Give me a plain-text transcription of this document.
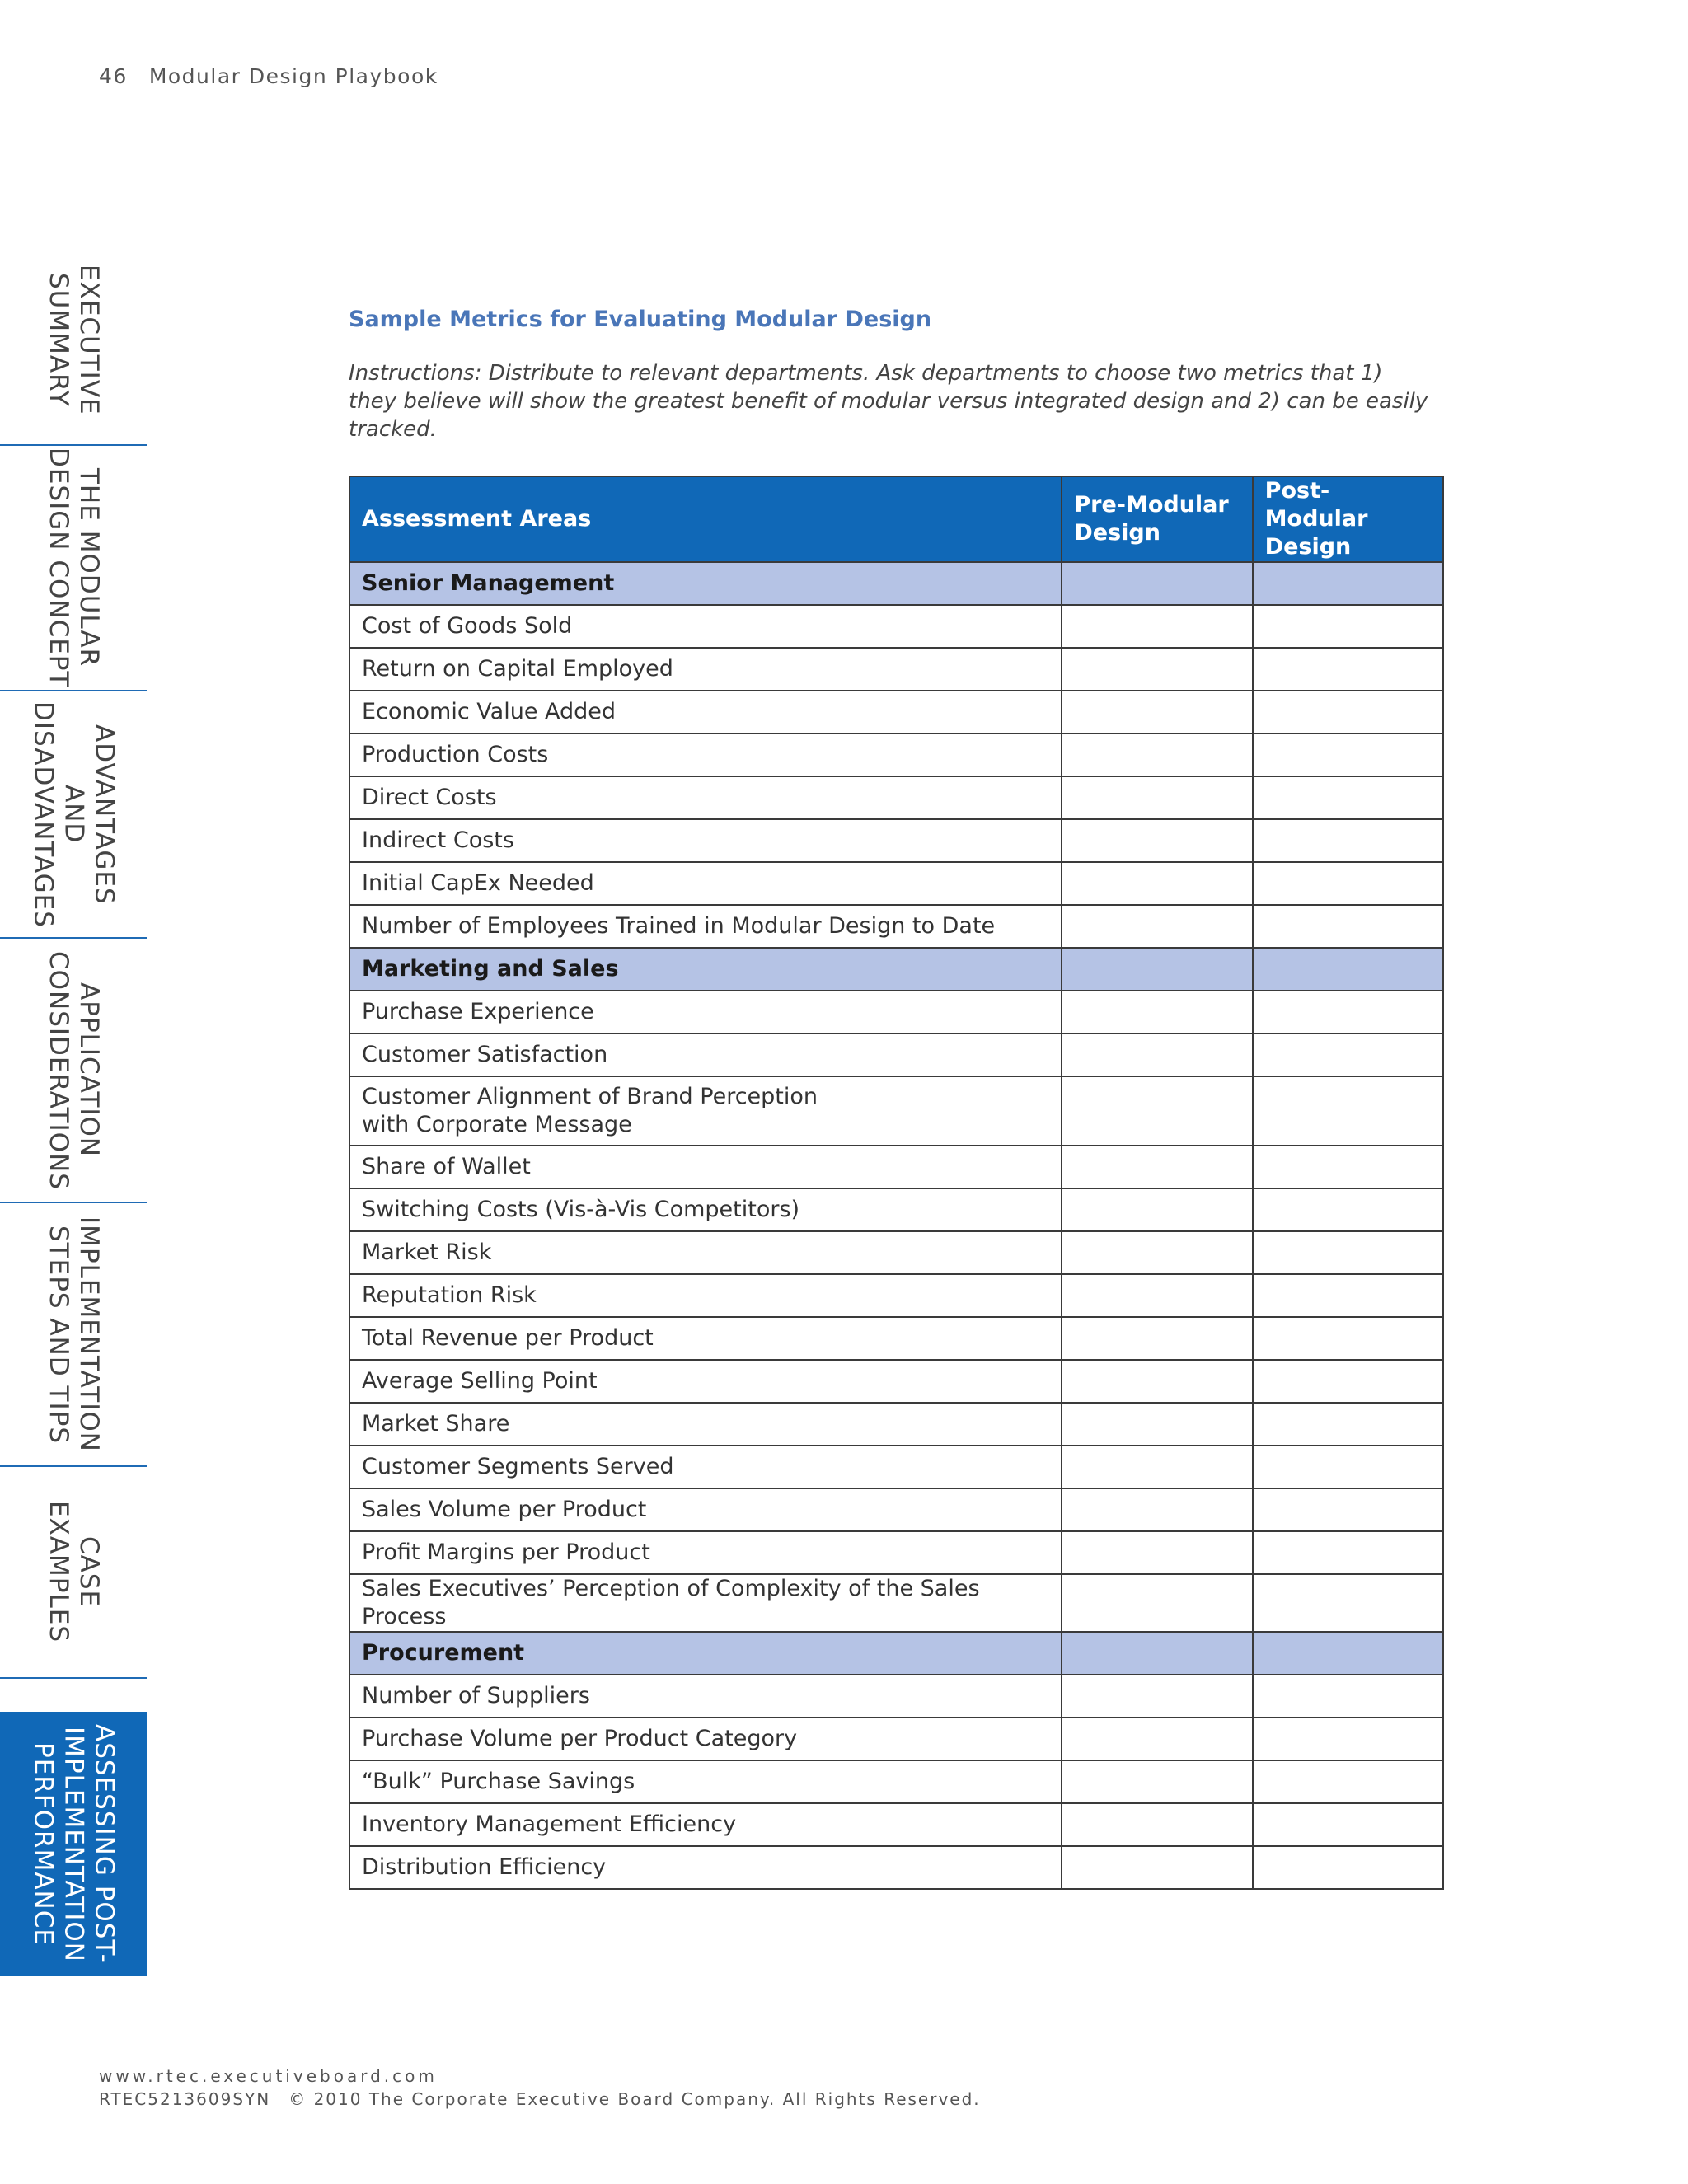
46 Modular Design Playbook
EXECUTIVE
SUMMARY
THE MODULAR
DESIGN CONCEPT
ADVANTAGES
AND
DISADVANTAGES
APPLICATION
CONSIDERATIONS
IMPLEMENTATION
STEPS AND TIPS
CASE
EXAMPLES
ASSESSING POST-
IMPLEMENTATION
PERFORMANCE
Sample Metrics for Evaluating Modular Design
Instructions: Distribute to relevant departments. Ask departments to choose two metrics that 1) they believe will show the greatest benefit of modular versus integrated design and 2) can be easily tracked.
Assessment Areas	Pre-Modular Design	Post-Modular Design
Senior Management		
Cost of Goods Sold		
Return on Capital Employed		
Economic Value Added		
Production Costs		
Direct Costs		
Indirect Costs		
Initial CapEx Needed		
Number of Employees Trained in Modular Design to Date		
Marketing and Sales		
Purchase Experience		
Customer Satisfaction		
Customer Alignment of Brand Perception
with Corporate Message		
Share of Wallet		
Switching Costs (Vis-à-Vis Competitors)		
Market Risk		
Reputation Risk		
Total Revenue per Product		
Average Selling Point		
Market Share		
Customer Segments Served		
Sales Volume per Product		
Profit Margins per Product		
Sales Executives’ Perception of Complexity of the Sales Process		
Procurement		
Number of Suppliers		
Purchase Volume per Product Category		
“Bulk” Purchase Savings		
Inventory Management Efficiency		
Distribution Efficiency		
www.rtec.executiveboard.com
RTEC5213609SYN © 2010 The Corporate Executive Board Company. All Rights Reserved.
